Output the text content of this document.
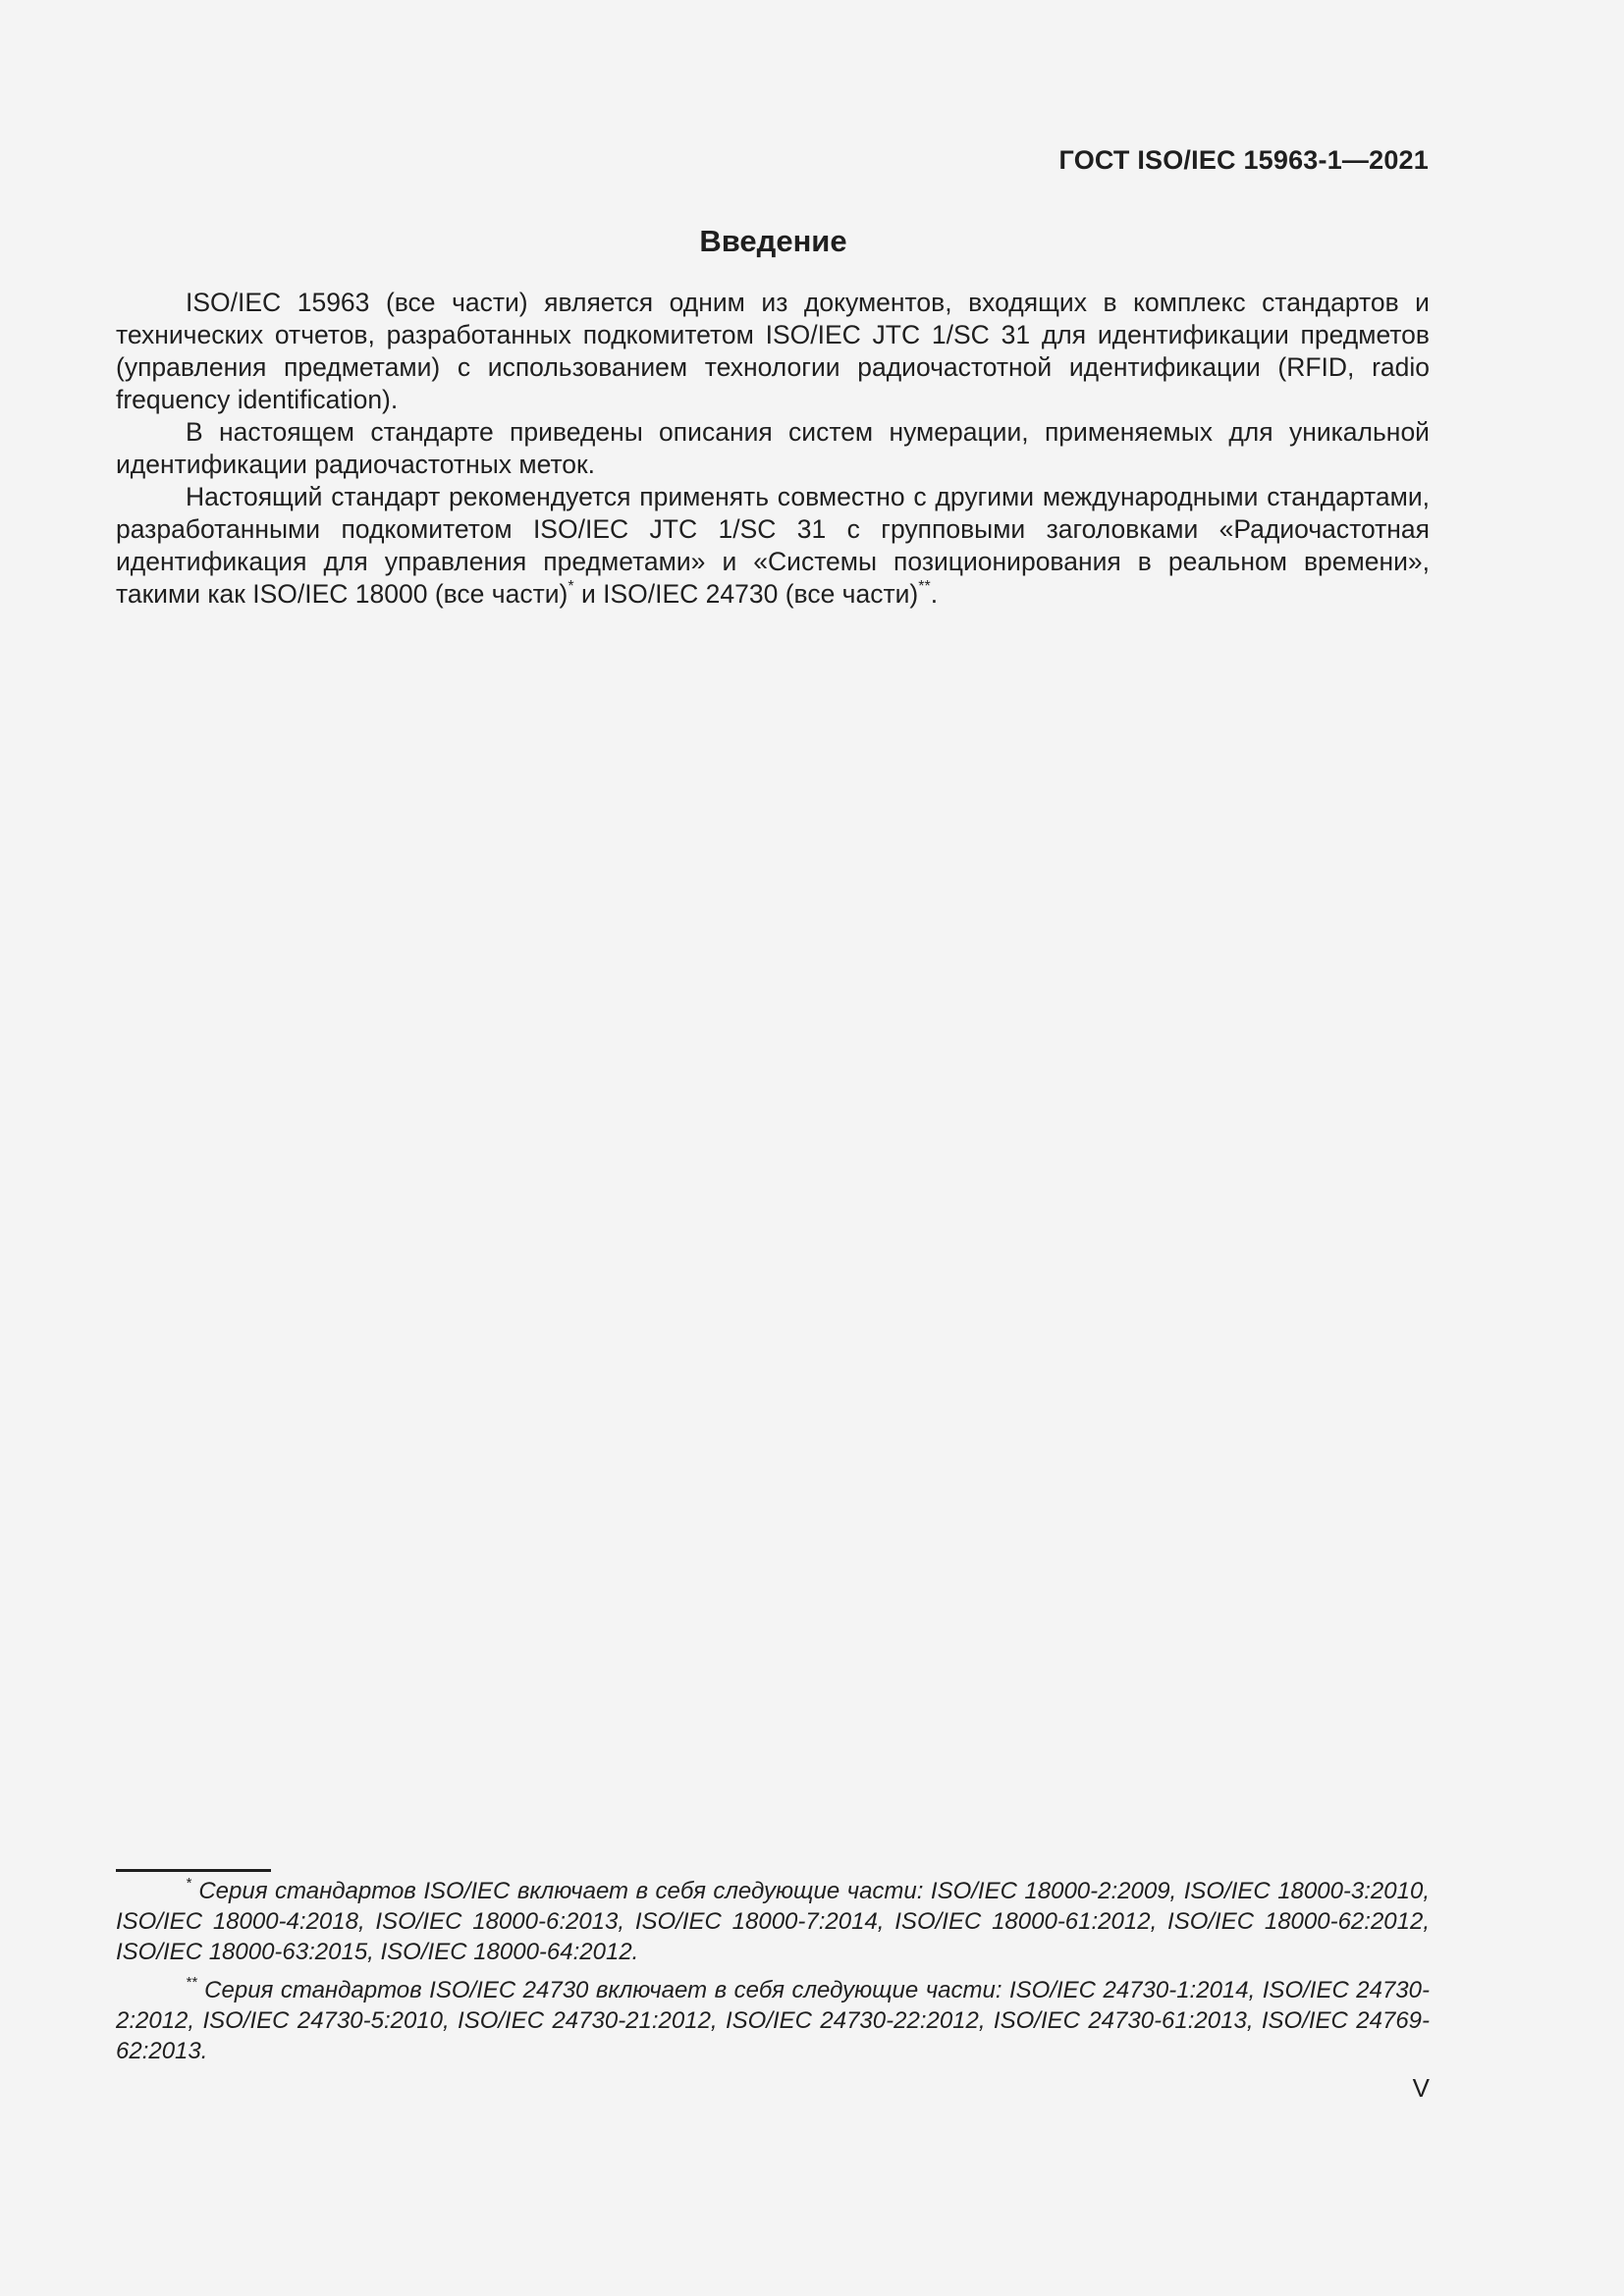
ГОСТ ISO/IEC 15963-1—2021
Введение

ISO/IEC 15963 (все части) является одним из документов, входящих в комплекс стандартов и технических отчетов, разработанных подкомитетом ISO/IEC JTC 1/SC 31 для идентификации предметов (управления предметами) с использованием технологии радиочастотной идентификации (RFID, radio frequency identification).

В настоящем стандарте приведены описания систем нумерации, применяемых для уникальной идентификации радиочастотных меток.

Настоящий стандарт рекомендуется применять совместно с другими международными стандартами, разработанными подкомитетом ISO/IEC JTC 1/SC 31 с групповыми заголовками «Радиочастотная идентификация для управления предметами» и «Системы позиционирования в реальном времени», такими как ISO/IEC 18000 (все части)* и ISO/IEC 24730 (все части)**.

* Серия стандартов ISO/IEC включает в себя следующие части: ISO/IEC 18000-2:2009, ISO/IEC 18000-3:2010, ISO/IEC 18000-4:2018, ISO/IEC 18000-6:2013, ISO/IEC 18000-7:2014, ISO/IEC 18000-61:2012, ISO/IEC 18000-62:2012, ISO/IEC 18000-63:2015, ISO/IEC 18000-64:2012.

** Серия стандартов ISO/IEC 24730 включает в себя следующие части: ISO/IEC 24730-1:2014, ISO/IEC 24730-2:2012, ISO/IEC 24730-5:2010, ISO/IEC 24730-21:2012, ISO/IEC 24730-22:2012, ISO/IEC 24730-61:2013, ISO/IEC 24769-62:2013.

V
